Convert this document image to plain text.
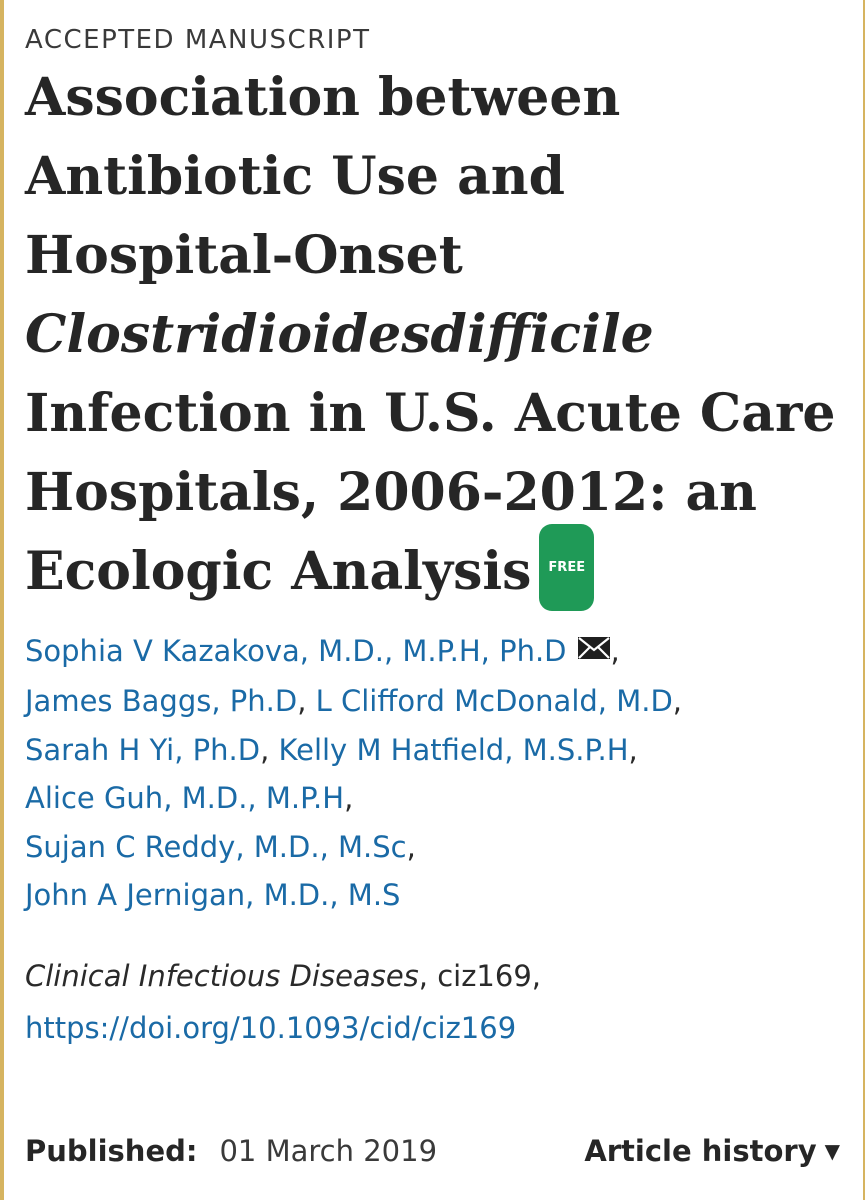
ACCEPTED MANUSCRIPT

Association between
Antibiotic Use and
Hospital-Onset
Clostridioidesdifficile
Infection in U.S. Acute Care
Hospitals, 2006-2012: an
Ecologic Analysis FREE
Sophia V Kazakova, M.D., M.P.H, Ph.D ,
James Baggs, Ph.D, L Clifford McDonald, M.D,
Sarah H Yi, Ph.D, Kelly M Hatfield, M.S.P.H,
Alice Guh, M.D., M.P.H,
Sujan C Reddy, M.D., M.Sc,
John A Jernigan, M.D., M.S
Clinical Infectious Diseases, ciz169,
https://doi.org/10.1093/cid/ciz169
Published: 01 March 2019	Article history ▼
